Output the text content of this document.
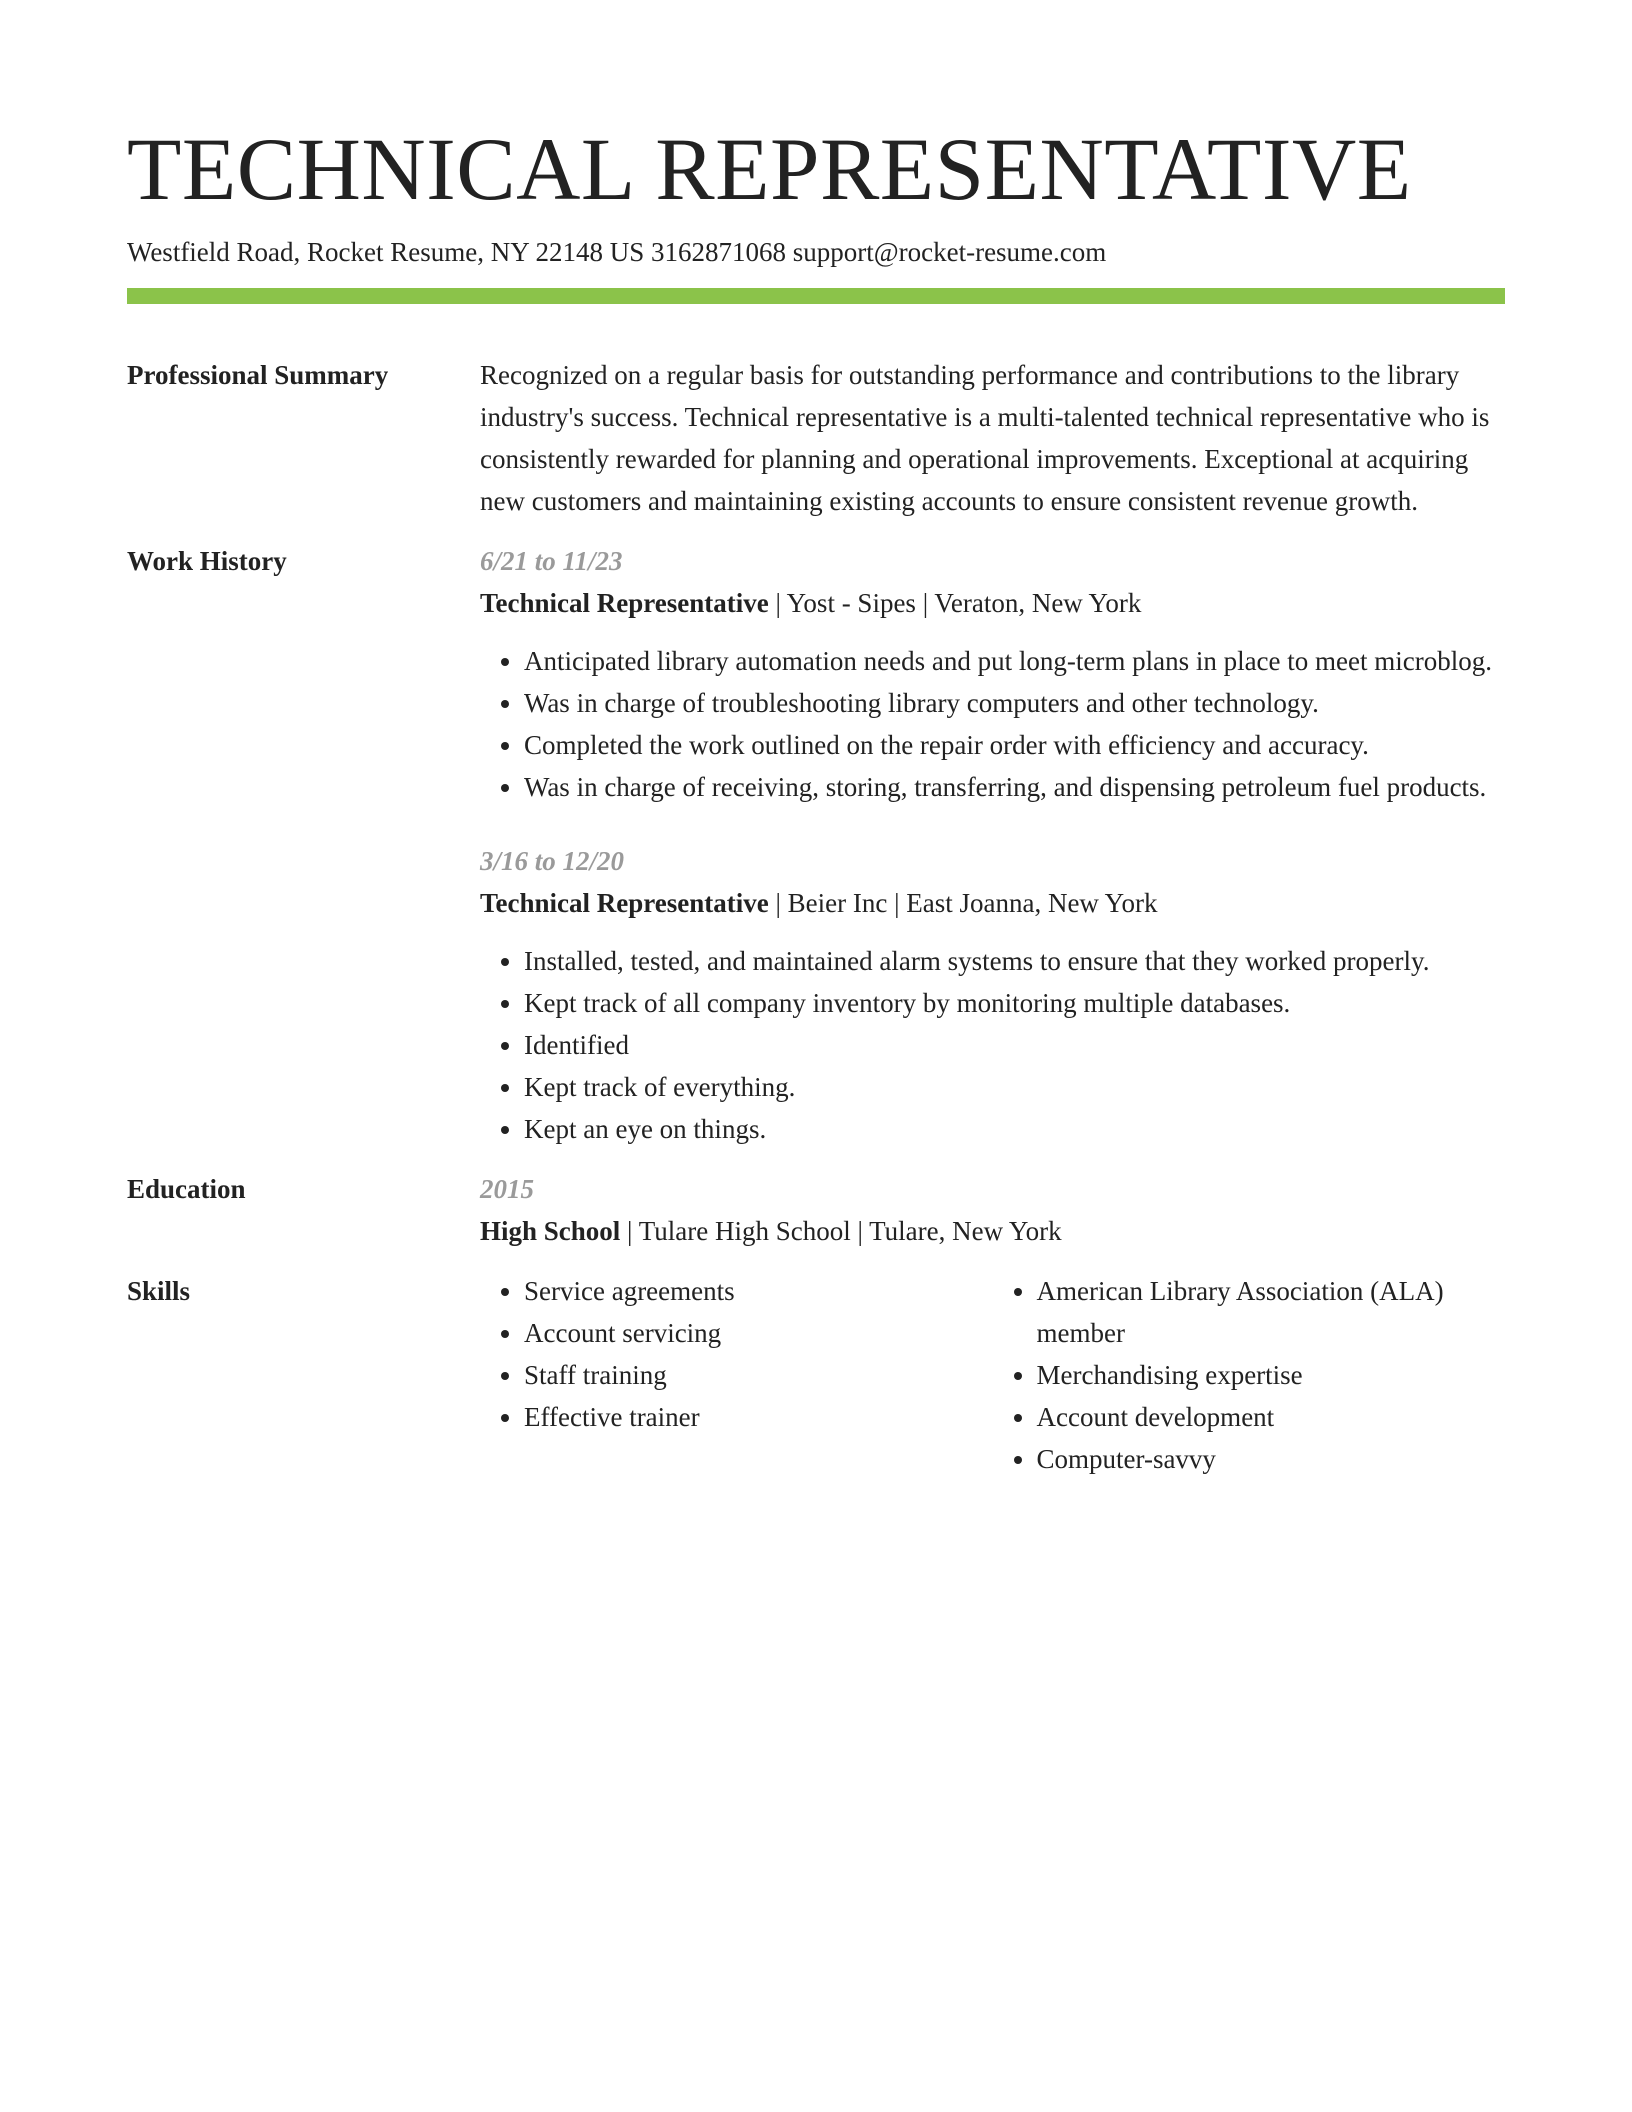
TECHNICAL REPRESENTATIVE
Westfield Road, Rocket Resume, NY 22148 US 3162871068 support@rocket-resume.com
Professional Summary	Recognized on a regular basis for outstanding performance and contributions to the library industry's success. Technical representative is a multi-talented technical representative who is consistently rewarded for planning and operational improvements. Exceptional at acquiring new customers and maintaining existing accounts to ensure consistent revenue growth.
Work History	6/21 to 11/23
Technical Representative | Yost - Sipes | Veraton, New York
• Anticipated library automation needs and put long-term plans in place to meet microblog.
• Was in charge of troubleshooting library computers and other technology.
• Completed the work outlined on the repair order with efficiency and accuracy.
• Was in charge of receiving, storing, transferring, and dispensing petroleum fuel products.
3/16 to 12/20
Technical Representative | Beier Inc | East Joanna, New York
• Installed, tested, and maintained alarm systems to ensure that they worked properly.
• Kept track of all company inventory by monitoring multiple databases.
• Identified
• Kept track of everything.
• Kept an eye on things.
Education	2015
High School | Tulare High School | Tulare, New York
Skills
•	Service agreements
• Account servicing
• Staff training
• Effective trainer
• American Library Association (ALA) member
• Merchandising expertise
• Account development
• Computer-savvy
